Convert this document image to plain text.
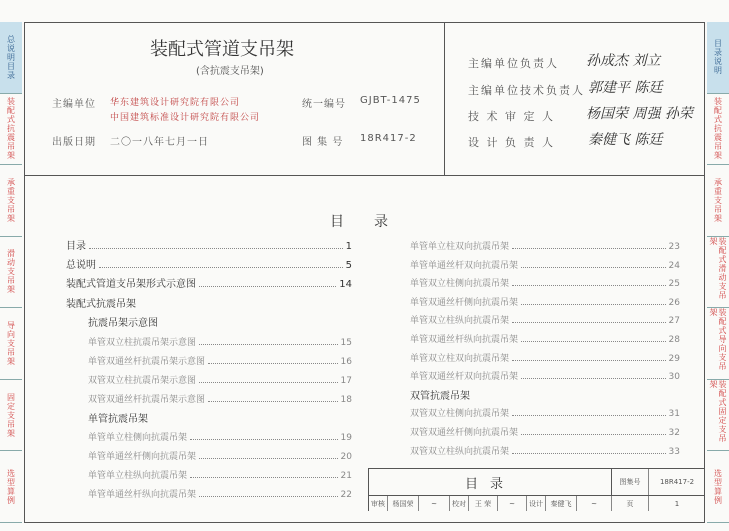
总说明目录
装配式抗震吊架
承重支吊架
滑动支吊架
导向支吊架
固定支吊架
选型算例
目录说明
装配式抗震吊架
承重支吊架
装配式滑动支吊架
装配式导向支吊架
装配式固定支吊架
选型算例
装配式管道支吊架
(含抗震支吊架)
主编单位 华东建筑设计研究院有限公司
中国建筑标准设计研究院有限公司
出版日期 二〇一八年七月一日
统一编号 GJBT-1475
图 集 号 18R417-2
主编单位负责人 孙成杰 刘立
主编单位技术负责人 郭建平 陈廷
技 术 审 定 人 杨国荣 周强 孙荣
设 计 负 责 人 秦健飞 陈廷
目录
目录	1
总说明	5
装配式管道支吊架形式示意图	14
装配式抗震吊架
抗震吊架示意图
单管双立柱抗震吊架示意图	15
单管双通丝杆抗震吊架示意图	16
双管双立柱抗震吊架示意图	17
双管双通丝杆抗震吊架示意图	18
单管抗震吊架
单管单立柱侧向抗震吊架	19
单管单通丝杆侧向抗震吊架	20
单管单立柱纵向抗震吊架	21
单管单通丝杆纵向抗震吊架	22
单管单立柱双向抗震吊架	23
单管单通丝杆双向抗震吊架	24
单管双立柱侧向抗震吊架	25
单管双通丝杆侧向抗震吊架	26
单管双立柱纵向抗震吊架	27
单管双通丝杆纵向抗震吊架	28
单管双立柱双向抗震吊架	29
单管双通丝杆双向抗震吊架	30
双管抗震吊架
双管双立柱侧向抗震吊架	31
双管双通丝杆侧向抗震吊架	32
双管双立柱纵向抗震吊架	33
目录	图集号	18R417-2
审核	杨国荣	~	校对	王 荣	~	设计	秦健飞	~	页	1
